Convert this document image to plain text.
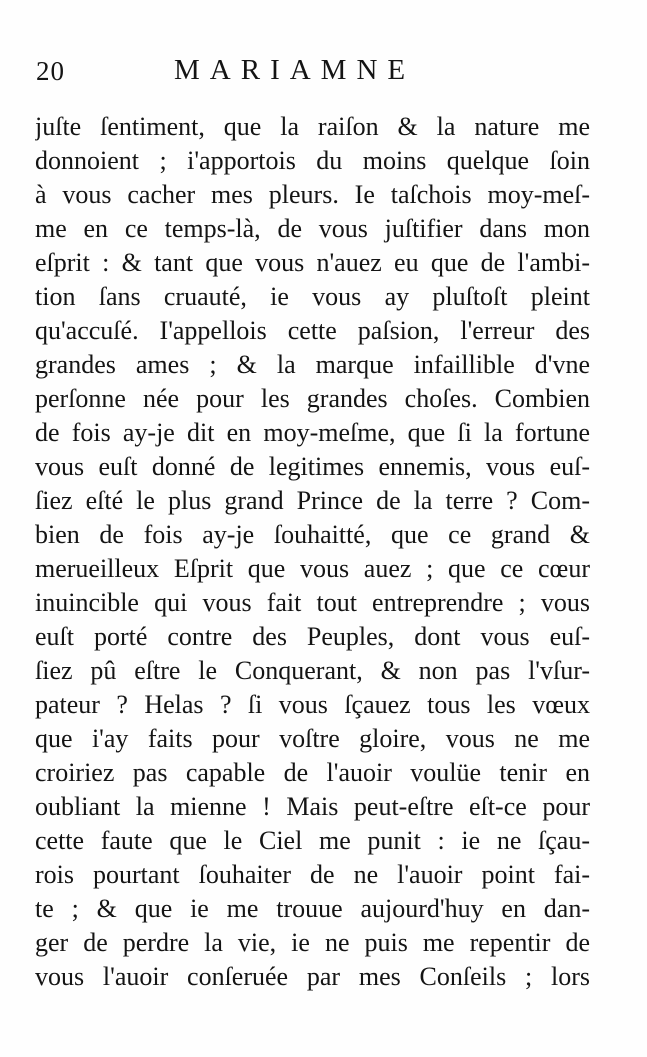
20	MARIAMNE
juſte ſentiment, que la raiſon & la nature me
donnoient ; i'apportois du moins quelque ſoin
à vous cacher mes pleurs. Ie taſchois moy-meſ-
me en ce temps-là, de vous juſtifier dans mon
eſprit : & tant que vous n'auez eu que de l'ambi-
tion ſans cruauté, ie vous ay pluſtoſt pleint
qu'accuſé. I'appellois cette paſsion, l'erreur des
grandes ames ; & la marque infaillible d'vne
perſonne née pour les grandes choſes. Combien
de fois ay-je dit en moy-meſme, que ſi la fortune
vous euſt donné de legitimes ennemis, vous euſ-
ſiez eſté le plus grand Prince de la terre ? Com-
bien de fois ay-je ſouhaitté, que ce grand &
merueilleux Eſprit que vous auez ; que ce cœur
inuincible qui vous fait tout entreprendre ; vous
euſt porté contre des Peuples, dont vous euſ-
ſiez pû eſtre le Conquerant, & non pas l'vſur-
pateur ? Helas ? ſi vous ſçauez tous les vœux
que i'ay faits pour voſtre gloire, vous ne me
croiriez pas capable de l'auoir voulüe tenir en
oubliant la mienne ! Mais peut-eſtre eſt-ce pour
cette faute que le Ciel me punit : ie ne ſçau-
rois pourtant ſouhaiter de ne l'auoir point fai-
te ; & que ie me trouue aujourd'huy en dan-
ger de perdre la vie, ie ne puis me repentir de
vous l'auoir conſeruée par mes Conſeils ; lors
